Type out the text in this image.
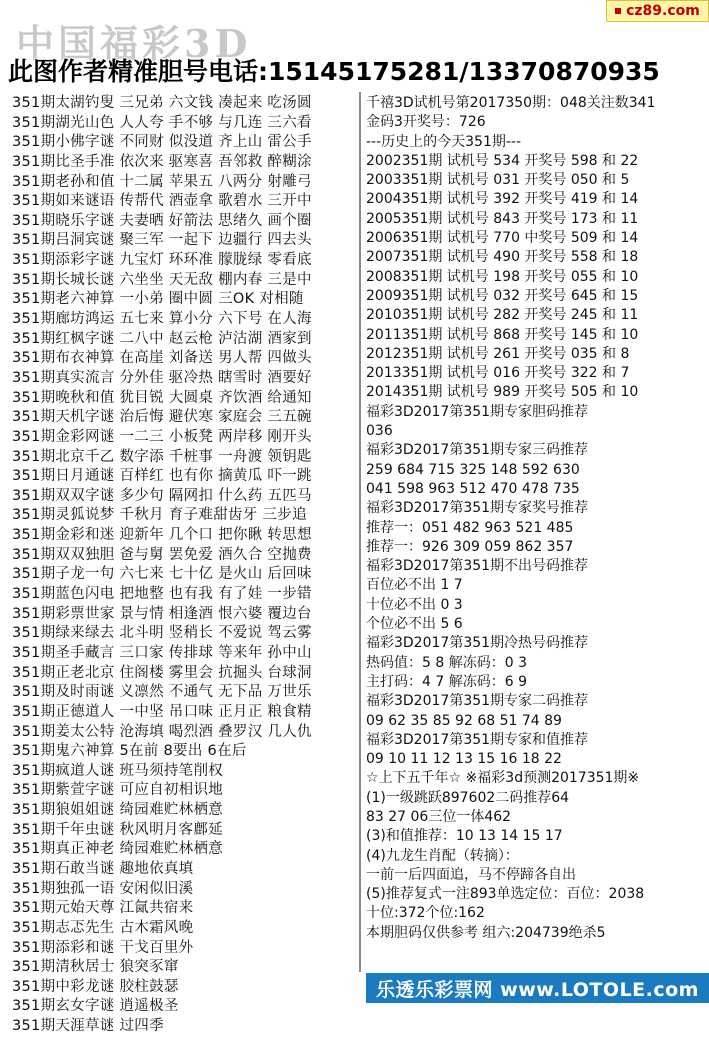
cz89.com
中国福彩3D
此图作者精准胆号电话:15145175281/13370870935
351期太湖钓叟 三兄弟 六文钱 凑起来 吃汤圆
351期湖光山色 人人夸 手不够 与几连 三六看
351期小佛字谜 不同财 似没道 齐上山 雷公手
351期比圣手准 依次来 驱寒喜 吾邻救 醉糊涂
351期老孙和值 十二属 苹果五 八两分 射雕弓
351期如来谜语 传帮代 酒壶拿 歌碧水 三开中
351期晓乐字谜 夫妻晒 好箭法 思绪久 画个圈
351期吕洞宾谜 聚三军 一起下 边疆行 四去头
351期添彩字谜 九宝灯 环环准 朦胧绿 零看底
351期长城长谜 六坐坐 天无敌 棚内春 三是中
351期老六神算 一小弟 圈中圆 三OK 对相随
351期廊坊鸿运 五七来 算小分 六下号 在人海
351期红枫字谜 二八中 赵云枪 泸沽湖 酒家到
351期布衣神算 在高崖 刘备送 男人帮 四做头
351期真实流言 分外佳 驱冷热 瞎雪时 酒要好
351期晚秋和值 犹目锐 大圆桌 齐饮酒 给通知
351期天机字谜 治后悔 避伏寒 家庭会 三五碗
351期金彩网谜 一二三 小板凳 两岸移 刚开头
351期北京千乙 数字添 千桩事 一舟渡 领钥匙
351期日月通谜 百样红 也有你 摘黄瓜 吓一跳
351期双双字谜 多少句 隔网扣 什么药 五匹马
351期灵狐说梦 千秋月 育子难甜齿牙 三步追
351期金彩和迷 迎新年 几个口 把你瞅 转思想
351期双双独胆 爸与舅 罢免爱 酒久合 空抛费
351期子龙一句 六七来 七十亿 是火山 后回味
351期蓝色闪电 把地整 也有我 有了娃 一步错
351期彩票世家 景与情 相逢酒 恨六婆 覆边台
351期绿来绿去 北斗明 竖稍长 不爱说 驾云雾
351期圣手藏言 三口家 传排球 等来年 孙中山
351期正老北京 住阁楼 雾里会 抗掘头 台球洞
351期及时雨谜 义凛然 不通气 无下品 万世乐
351期正德道人 一中坚 吊口味 正月正 粮食精
351期姜太公特 沧海填 喝烈酒 叠罗汉 几人仇
351期鬼六神算 5在前 8要出 6在后
351期疯道人谜 班马须持笔削权
351期紫萱字谜 可应自初相识地
351期狼姐姐谜 绮园难贮林栖意
351期千年虫谜 秋风明月客鄜延
351期真正神老 绮园难贮林栖意
351期石敢当谜 趣地依真填
351期独孤一语 安闲似旧溪
351期元始天尊 江氤共宿来
351期志忑先生 古木霜风晚
351期添彩和谜 干戈百里外
351期清秋居士 狼突豕窜
351期中彩龙谜 胶柱鼓瑟
351期玄女字谜 逍遥极圣
351期天涯草谜 过四季
千禧3D试机号第2017350期：048关注数341
金码3开奖号：726
---历史上的今天351期---
2002351期 试机号 534 开奖号 598 和 22
2003351期 试机号 031 开奖号 050 和 5
2004351期 试机号 392 开奖号 419 和 14
2005351期 试机号 843 开奖号 173 和 11
2006351期 试机号 770 中奖号 509 和 14
2007351期 试机号 490 开奖号 558 和 18
2008351期 试机号 198 开奖号 055 和 10
2009351期 试机号 032 开奖号 645 和 15
2010351期 试机号 282 开奖号 245 和 11
2011351期 试机号 868 开奖号 145 和 10
2012351期 试机号 261 开奖号 035 和 8
2013351期 试机号 016 开奖号 322 和 7
2014351期 试机号 989 开奖号 505 和 10
福彩3D2017第351期专家胆码推荐
036
福彩3D2017第351期专家三码推荐
259 684 715 325 148 592 630
041 598 963 512 470 478 735
福彩3D2017第351期专家奖号推荐
推荐一：051 482 963 521 485
推荐一：926 309 059 862 357
福彩3D2017第351期不出号码推荐
百位必不出 1 7
十位必不出 0 3
个位必不出 5 6
福彩3D2017第351期冷热号码推荐
热码值：5 8 解冻码：0 3
主打码：4 7 解冻码：6 9
福彩3D2017第351期专家二码推荐
09 62 35 85 92 68 51 74 89
福彩3D2017第351期专家和值推荐
09 10 11 12 13 15 16 18 22
☆上下五千年☆ ※福彩3d预测2017351期※
(1)一级跳跃897602二码推荐64
83 27 06三位一体462
(3)和值推荐：10 13 14 15 17
(4)九龙生肖配（转摘）：
一前一后四面追，马不停蹄各自出
(5)推荐复式一注893单选定位：百位：2038
十位:372个位:162
本期胆码仅供参考 组六:204739绝杀5
乐透乐彩票网 www.LOTOLE.com
